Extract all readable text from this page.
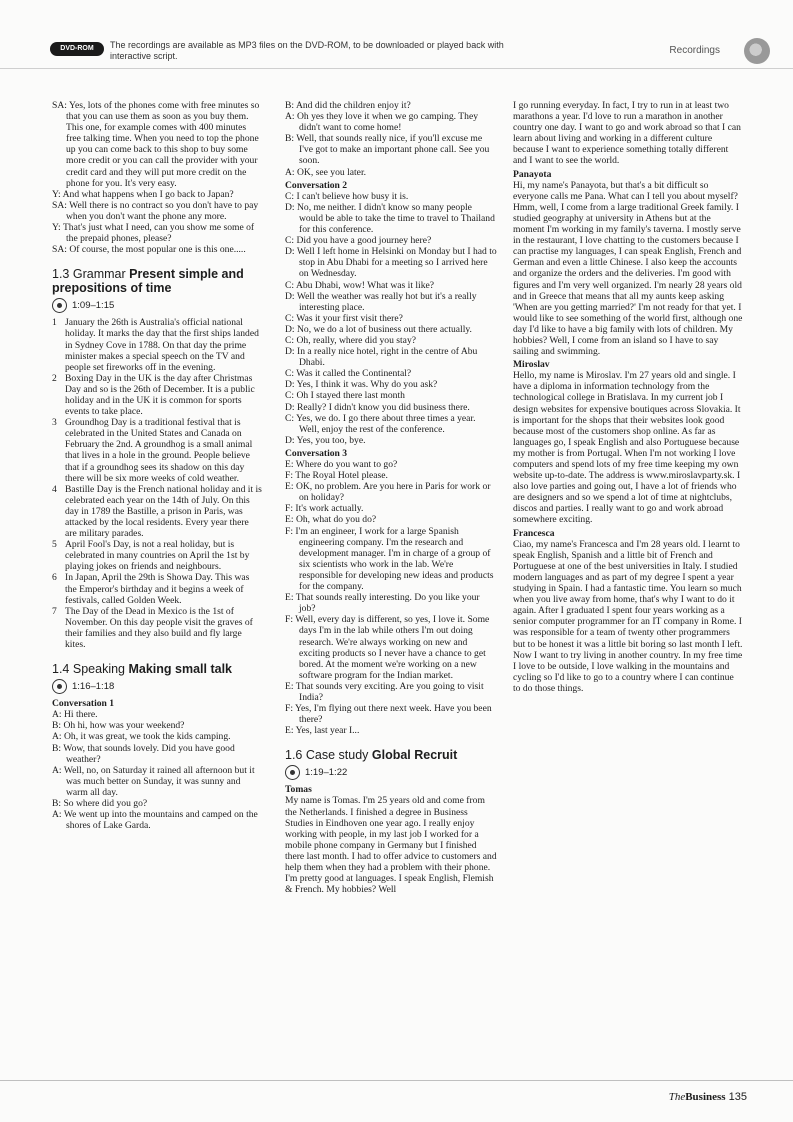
DVD-ROM	The recordings are available as MP3 files on the DVD-ROM, to be downloaded or played back with interactive script.	Recordings
SA: Yes, lots of the phones come with free minutes so that you can use them as soon as you buy them. This one, for example comes with 400 minutes free talking time. When you need to top the phone up you can come back to this shop to buy some more credit or you can call the provider with your credit card and they will put more credit on the phone for you. It's very easy.
Y: And what happens when I go back to Japan?
SA: Well there is no contract so you don't have to pay when you don't want the phone any more.
Y: That's just what I need, can you show me some of the prepaid phones, please?
SA: Of course, the most popular one is this one.....
1.3 Grammar Present simple and prepositions of time
1:09–1:15
1 January the 26th is Australia's official national holiday. It marks the day that the first ships landed in Sydney Cove in 1788. On that day the prime minister makes a special speech on the TV and people set fireworks off in the evening.
2 Boxing Day in the UK is the day after Christmas Day and so is the 26th of December. It is a public holiday and in the UK it is common for sports events to take place.
3 Groundhog Day is a traditional festival that is celebrated in the United States and Canada on February the 2nd. A groundhog is a small animal that lives in a hole in the ground. People believe that if a groundhog sees its shadow on this day there will be six more weeks of cold weather.
4 Bastille Day is the French national holiday and it is celebrated each year on the 14th of July. On this day in 1789 the Bastille, a prison in Paris, was attacked by the local residents. Every year there are military parades.
5 April Fool's Day, is not a real holiday, but is celebrated in many countries on April the 1st by playing jokes on friends and neighbours.
6 In Japan, April the 29th is Showa Day. This was the Emperor's birthday and it begins a week of festivals, called Golden Week.
7 The Day of the Dead in Mexico is the 1st of November. On this day people visit the graves of their families and they also build and fly large kites.
1.4 Speaking Making small talk
1:16–1:18
Conversation 1
A: Hi there.
B: Oh hi, how was your weekend?
A: Oh, it was great, we took the kids camping.
B: Wow, that sounds lovely. Did you have good weather?
A: Well, no, on Saturday it rained all afternoon but it was much better on Sunday, it was sunny and warm all day.
B: So where did you go?
A: We went up into the mountains and camped on the shores of Lake Garda.
B: And did the children enjoy it?
A: Oh yes they love it when we go camping. They didn't want to come home!
B: Well, that sounds really nice, if you'll excuse me I've got to make an important phone call. See you soon.
A: OK, see you later.
Conversation 2
C: I can't believe how busy it is.
D: No, me neither. I didn't know so many people would be able to take the time to travel to Thailand for this conference.
C: Did you have a good journey here?
D: Well I left home in Helsinki on Monday but I had to stop in Abu Dhabi for a meeting so I arrived here on Wednesday.
C: Abu Dhabi, wow! What was it like?
D: Well the weather was really hot but it's a really interesting place.
C: Was it your first visit there?
D: No, we do a lot of business out there actually.
C: Oh, really, where did you stay?
D: In a really nice hotel, right in the centre of Abu Dhabi.
C: Was it called the Continental?
D: Yes, I think it was. Why do you ask?
C: Oh I stayed there last month
D: Really? I didn't know you did business there.
C: Yes, we do. I go there about three times a year. Well, enjoy the rest of the conference.
D: Yes, you too, bye.
Conversation 3
E: Where do you want to go?
F: The Royal Hotel please.
E: OK, no problem. Are you here in Paris for work or on holiday?
F: It's work actually.
E: Oh, what do you do?
F: I'm an engineer, I work for a large Spanish engineering company. I'm the research and development manager. I'm in charge of a group of six scientists who work in the lab. We're responsible for developing new ideas and products for the company.
E: That sounds really interesting. Do you like your job?
F: Well, every day is different, so yes, I love it. Some days I'm in the lab while others I'm out doing research. We're always working on new and exciting products so I never have a chance to get bored. At the moment we're working on a new software program for the Indian market.
E: That sounds very exciting. Are you going to visit India?
F: Yes, I'm flying out there next week. Have you been there?
E: Yes, last year I...
1.6 Case study Global Recruit
1:19–1:22
Tomas

My name is Tomas. I'm 25 years old and come from the Netherlands. I finished a degree in Business Studies in Eindhoven one year ago. I really enjoy working with people, in my last job I worked for a mobile phone company in Germany but I finished there last month. I had to offer advice to customers and help them when they had a problem with their phone. I'm pretty good at languages. I speak English, Flemish & French. My hobbies? Well

I go running everyday. In fact, I try to run in at least two marathons a year. I'd love to run a marathon in another country one day. I want to go and work abroad so that I can learn about living and working in a different culture because I want to experience something totally different and I want to see the world.

Panayota

Hi, my name's Panayota, but that's a bit difficult so everyone calls me Pana. What can I tell you about myself? Hmm, well, I come from a large traditional Greek family. I studied geography at university in Athens but at the moment I'm working in my family's taverna. I mostly serve in the restaurant, I love chatting to the customers because I can practise my languages, I can speak English, French and German and even a little Chinese. I also keep the accounts and organize the orders and the deliveries. I'm good with figures and I'm very well organized. I'm nearly 28 years old and in Greece that means that all my aunts keep asking 'When are you getting married?' I'm not ready for that yet. I would like to see something of the world first, although one day I'd like to have a big family with lots of children. My hobbies? Well, I come from an island so I have to say sailing and swimming.

Miroslav

Hello, my name is Miroslav. I'm 27 years old and single. I have a diploma in information technology from the technological college in Bratislava. In my current job I design websites for expensive boutiques across Slovakia. It is important for the shops that their websites look good because most of the customers shop online. As far as languages go, I speak English and also Portuguese because my mother is from Portugal. When I'm not working I love computers and spend lots of my free time keeping my own website up-to-date. The address is www.miroslavparty.sk. I also love parties and going out, I have a lot of friends who are designers and so we spend a lot of time at nightclubs, discos and parties. I really want to go and work abroad somewhere exciting.

Francesca

Ciao, my name's Francesca and I'm 28 years old. I learnt to speak English, Spanish and a little bit of French and Portuguese at one of the best universities in Italy. I studied modern languages and as part of my degree I spent a year studying in Spain. I had a fantastic time. You learn so much when you live away from home, that's why I want to do it again. After I graduated I spent four years working as a senior computer programmer for an IT company in Rome. I was responsible for a team of twenty other programmers but to be honest it was a little bit boring so last month I left. Now I want to try living in another country. In my free time I love to be outside, I love walking in the mountains and cycling so I'd like to go to a country where I can continue to do those things.

TheBusiness 135
